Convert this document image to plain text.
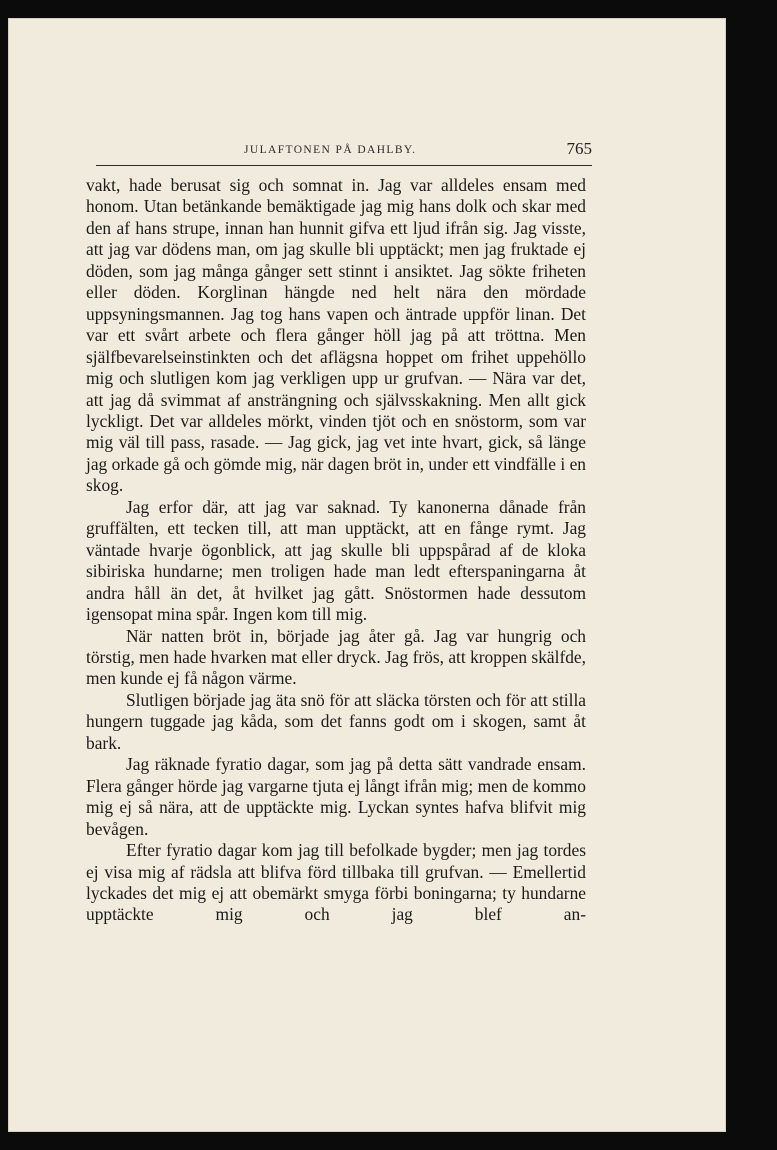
JULAFTONEN PÅ DAHLBY.	765

vakt, hade berusat sig och somnat in. Jag var alldeles ensam med honom. Utan betänkande bemäktigade jag mig hans dolk och skar med den af hans strupe, innan han hunnit gifva ett ljud ifrån sig. Jag visste, att jag var dödens man, om jag skulle bli upptäckt; men jag fruktade ej döden, som jag många gånger sett stinnt i ansiktet. Jag sökte friheten eller döden. Korglinan hängde ned helt nära den mördade uppsyningsmannen. Jag tog hans vapen och äntrade uppför linan. Det var ett svårt arbete och flera gånger höll jag på att tröttna. Men själfbevarelseinstinkten och det aflägsna hoppet om frihet uppehöllo mig och slutligen kom jag verkligen upp ur grufvan. — Nära var det, att jag då svimmat af ansträngning och självsskakning. Men allt gick lyckligt. Det var alldeles mörkt, vinden tjöt och en snöstorm, som var mig väl till pass, rasade. — Jag gick, jag vet inte hvart, gick, så länge jag orkade gå och gömde mig, när dagen bröt in, under ett vindfälle i en skog.

Jag erfor där, att jag var saknad. Ty kanonerna dånade från gruffälten, ett tecken till, att man upptäckt, att en fånge rymt. Jag väntade hvarje ögonblick, att jag skulle bli uppspårad af de kloka sibiriska hundarne; men troligen hade man ledt efterspaningarna åt andra håll än det, åt hvilket jag gått. Snöstormen hade dessutom igensopat mina spår. Ingen kom till mig.

När natten bröt in, började jag åter gå. Jag var hungrig och törstig, men hade hvarken mat eller dryck. Jag frös, att kroppen skälfde, men kunde ej få någon värme.

Slutligen började jag äta snö för att släcka törsten och för att stilla hungern tuggade jag kåda, som det fanns godt om i skogen, samt åt bark.

Jag räknade fyratio dagar, som jag på detta sätt vandrade ensam. Flera gånger hörde jag vargarne tjuta ej långt ifrån mig; men de kommo mig ej så nära, att de upptäckte mig. Lyckan syntes hafva blifvit mig bevågen.

Efter fyratio dagar kom jag till befolkade bygder; men jag tordes ej visa mig af rädsla att blifva förd tillbaka till grufvan. — Emellertid lyckades det mig ej att obemärkt smyga förbi boningarna; ty hundarne upptäckte mig och jag blef an-
